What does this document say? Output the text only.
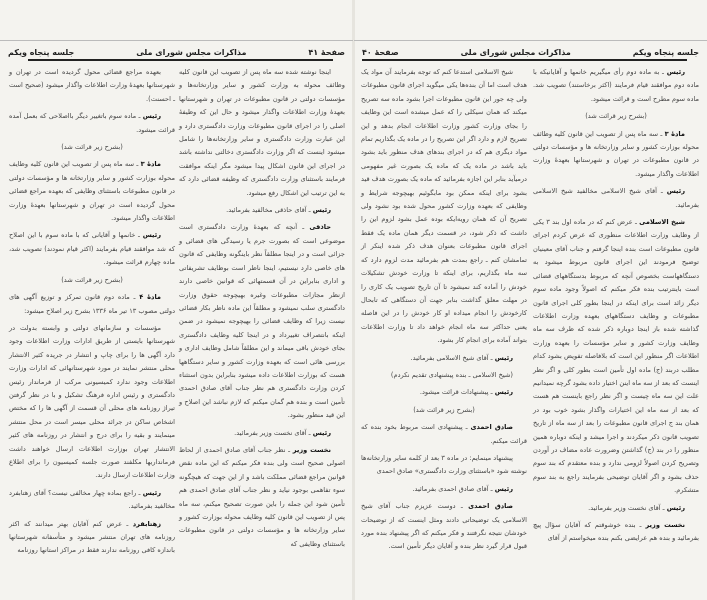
صفحهٔ ۴۱
مذاکرات مجلس شورای ملی
جلسه پنجاه ویکم

اینجا نوشته شده سه ماه پس از تصویب این قانون کلیه وظائف محوله به وزارت کشور و سایر وزارتخانه‌ها و مؤسسات دولتی در قانون مطبوعات در تهران و شهرستانها بعهدهٔ وزارت اطلاعات واگذار میشود و حال این که وظیفهٔ اصلی را در اجرای قانون مطبوعات وزارت دادگستری دارد و این عبارت وزارت دادگستری و سایر وزارتخانه‌ها را شامل میشود اینست که اگر وزارت دادگستری دخالتی نداشته باشد در اجرای این قانون اشکال پیدا میشود مگر اینکه موافقت فرمایند باستثنای وزارت دادگستری که وظیفه قضائی دارد که به این ترتیب این اشکال رفع میشود.

رئیس ـ آقای حاذقی مخالفید بفرمائید.

حاذقی ـ آنچه که بعهدهٔ وزارت دادگستری است موضوعی است که بصورت جرم یا رسیدگی های قضائی و جزائی است و در اینجا مطلقاً نظر باینگونه وظایفی که قانون های خاصی دارد نیستیم، اینجا ناظر است بوظایف تشریفاتی و اداری بنابراین در آن قسمتهائی که قوانین خاصی دارند ازنظر مجازات مطبوعات وغیره بهیچوجه حقوق وزارت دادگستری سلب نمیشود و مطلقاً این ماده ناظر بکار قضائی نیست زیرا که وظایف قضائی را بهیچوجه نمیشود در ضمن اینکه بانتصراف تغییرداد و در اینجا کلیه وظایف دادگستری بجای خودش باقی میماند و این مطلقاً شامل وظایف اداری و بررسی هائی است که بعهده وزارت کشور و سایر دستگاهها هست که بوزارت اطلاعات داده میشود بنابراین بدون استثناء کردن وزارت دادگستری هم نظر جناب آقای صادق احمدی تأمین است و بنده هم گمان میکنم که لازم نباشد این اصلاح و این قید منظور بشود.

رئیس ـ آقای نخست وزیر بفرمائید.

نخست وزیر ـ نظر جناب آقای صادق احمدی از لحاظ اصولی صحیح است ولی بنده فکر میکنم که این ماده نقض قوانین مراجع قضائی مملکت باشد و از این جهت که هیچگونه سوء تفاهمی بوجود نیاید و نظر جناب آقای صادق احمدی هم تأمین شود این جمله را باین صورت تصحیح میکنم، سه ماه پس از تصویب این قانون کلیه وظایف محوله بوزارت کشور و سایر وزارتخانه ها و مؤسسات دولتی در قانون مطبوعات باستثنای وظایفی که

بعهده مراجع قضائی محول گردیده است در تهران و شهرستانها بعهدهٔ وزارت اطلاعات واگذار میشود (صحیح است ـ احسنت).

رئیس ـ ماده سوم باتغییر دیگر بااصلاحی که بعمل آمده قرائت میشود.

(بشرح زیر قرائت شد)

مادهٔ ۳ ـ سه ماه پس از تصویب این قانون کلیه وظایف محوله بوزارت کشور و سایر وزارتخانه ها و مؤسسات دولتی در قانون مطبوعات باستثنای وظایفی که بعهده مراجع قضائی محول گردیده است در تهران و شهرستانها بعهدهٔ وزارت اطلاعات واگذار میشود.

رئیس ـ خانمها و آقایانی که با ماده سوم با این اصلاح که شد موافقند قیام بفرمایند (اکثر قیام نمودند) تصویب شد، ماده چهارم قرائت میشود.

(بشرح زیر قرائت شد)

مادهٔ ۴ ـ ماده دوم قانون تمرکز و توزیع آگهی های دولتی مصوب ۱۳ تیر ماه ۱۳۳۶ بشرح زیر اصلاح میشود:

مؤسسات و سازمانهای دولتی و وابسته بدولت در شهرستانها بایستی از طریق ادارات وزارت اطلاعات وجود دارد آگهی ها را برای چاپ و انتشار در جریده کثیر الانتشار محلی منتشر نمایند در مورد شهرستانهائی که ادارات وزارت اطلاعات وجود ندارد کمیسیونی مرکب از فرماندار رئیس دادگستری و رئیس اداره فرهنگ تشکیل و با در نظر گرفتن تیراژ روزنامه های محلی آن قسمت از آگهی ها را که مختص اشخاص ساکن در جرائد محلی میسر است در محل منتشر مینمایند و بقیه را برای درج و انتشار در روزنامه های کثیر الانتشار تهران بوزارت اطلاعات ارسال خواهند داشت فرمانداریها مکلفند صورت جلسه کمیسیون را برای اطلاع وزارت اطلاعات ارسال دارند.

رئیس ـ راجع بماده چهار مخالفی نیست؟ آقای زهتابفرد مخالفید بفرمائید.

زهتابفرد ـ عرض کنم آقایان بهتر میدانند که اکثر روزنامه های تهران منتشر میشود و متأسفانه شهرستانها باندازه کافی روزنامه ندارند فقط در مراکز استانها روزنامه

جلسه پنجاه ویکم
مذاکرات مجلس شورای ملی
صفحهٔ ۴۰

رئیس ـ به ماده دوم رأی میگیریم خانمها و آقایانیکه با ماده دوم موافقند قیام فرمایند (اکثر برخاستند) تصویب شد. ماده سوم مطرح است و قرائت میشود.

(بشرح زیر قرائت شد)

مادهٔ ۳ ـ سه ماه پس از تصویب این قانون کلیه وظائف محوله بوزارت کشور و سایر وزارتخانه ها و مؤسسات دولتی در قانون مطبوعات در تهران و شهرستانها بعهدهٔ وزارت اطلاعات واگذار میشود.

رئیس ـ آقای شیخ الاسلامی مخالفید شیخ الاسلامی بفرمائید.

شیخ الاسلامی ـ عرض کنم که در ماده اول بند ۳ یکی از وظایف وزارت اطلاعات منظوری که عرض کردم اجرای قانون مطبوعات است بنده اینجا گرفتم و جناب آقای معینیان توضیح فرمودند این اجرای قانون مربوط میشود به دستگاههاست بخصوص آنچه که مربوط بدستگاههای قضائی است باینترتیب بنده فکر میکنم که اصولاً وجود ماده سوم دیگر زائد است برای اینکه در اینجا بطور کلی اجرای قانون مطبوعات و وظایف دستگاههای بعهده وزارت اطلاعات گذاشته شده باز اینجا دوباره ذکر شده که ظرف سه ماه وظایف وزارت کشور و سایر مؤسسات را بعهده وزارت اطلاعات اگر منظور این است که بلافاصله تفویض بشود کدام مطلب دربند (ج) ماده اول تأمین است بطور کلی و اگر نظر اینست که بعد از سه ماه اینن اختیار داده بشود گرچه نمیدانیم علت این سه ماه چیست و اگر نظر راجع باینست هم هست که بعد از سه ماه این اختیارات واگذار بشود خوب بود در همان بند ج اجرای قانون مطبوعات را بعد از سه ماه از تاریخ تصویب قانون ذکر میکردند و اجرا میشد و اینکه دوباره همین منظور را در بند (ج) گذاشتن وضرورت عاده مضاف در آوردن وتصریح کردن اصولاً لزومی ندارد و بنده معتقدم که بند سوم حذف بشود و اگر آقایان توضیحی بفرمایند راجع به بند سوم متشکرم.

رئیس ـ آقای نخست وزیر بفرمائید.

نخست وزیر ـ بنده خوشوقتم که آقایان سؤال پیچ بفرمائید و بنده هم عرایضی بکنم بنده میخواستم از آقای

شیخ الاسلامی استدعا کنم که توجه بفرمایند آن مواد یک هدف است اما آن بنده‌ها یکی میگوید اجرای قانون مطبوعات ولی چه جور این قانون مطبوعات اجرا بشود ماده سه تصریح میکند که همان سیکلی را که عمل میشده است این وظایف را بجای وزارت کشور وزارت اطلاعات انجام بدهد و این تصریح لازم و دارد اگر این تصریح را در ماده یک بگذاریم تمام مواد دیگری هم که در اجرای بندهای هدف منظور باید بشود باید باشد در ماده یک که ماده یک بصورت غیر مفهومی درمیآید بنابر این اجازه بفرمائید که ماده یک بصورت هدف قید بشود برای اینکه ممکن بود مابگوئیم بهیچوجه شرایط و وظایفی که بعهده وزارت کشور محول شده بود نشود ولی تصریح آن که همان رویه‌ایکه بوده عمل بشود لزوم این را داشت که ذکر شود، در قسمت دیگر همان ماده یک فقط اجرای قانون مطبوعات بعنوان هدف ذکر شده اینکر از تمامشان کنم ـ راجع بمدت هم بفرمائید مدت لزوم دارد که سه ماه بگذاریم، برای اینکه تا وزارت خودش تشکیلات خودش را آماده کند نمیشود تا آن تاریخ تصویب یک کاری را در مهلت معلق گذاشت بنابر جهت آن دستگاهی که تابحال کارخودش را انجام میداده او کار خودش را در این فاصله یعنی حداکثر سه ماه انجام خواهد داد تا وزارت اطلاعات بتواند آماده برای انجام کار بشود.

رئیس ـ آقای شیخ الاسلامی بفرمائید.

(شیخ الاسلامی ـ بنده پیشنهادی تقدیم نکردم)

رئیس ـ پیشنهادات قرائت میشود.

(بشرح زیر قرائت شد)

صادق احمدی ـ پیشنهادی است مربوط بخود بنده که قرائت میکنم.

پیشنهاد مینمایم: در ماده ۳ بعد از کلمه سایر وزارتخانه‌ها نوشته شود «باستثنای وزارت دادگستری» صادق احمدی

رئیس ـ آقای صادق احمدی بفرمائید.

صادق احمدی ـ دوست عزیزم جناب آقای شیخ الاسلامی یک توضیحاتی دادند ومثل اینست که از توضیحات خودشان نتیجه نگرفتند و فکر میکنم که اگر پیشنهاد بنده مورد قبول قرار گیرد نظر بنده و آقایان دیگر تأمین است.
